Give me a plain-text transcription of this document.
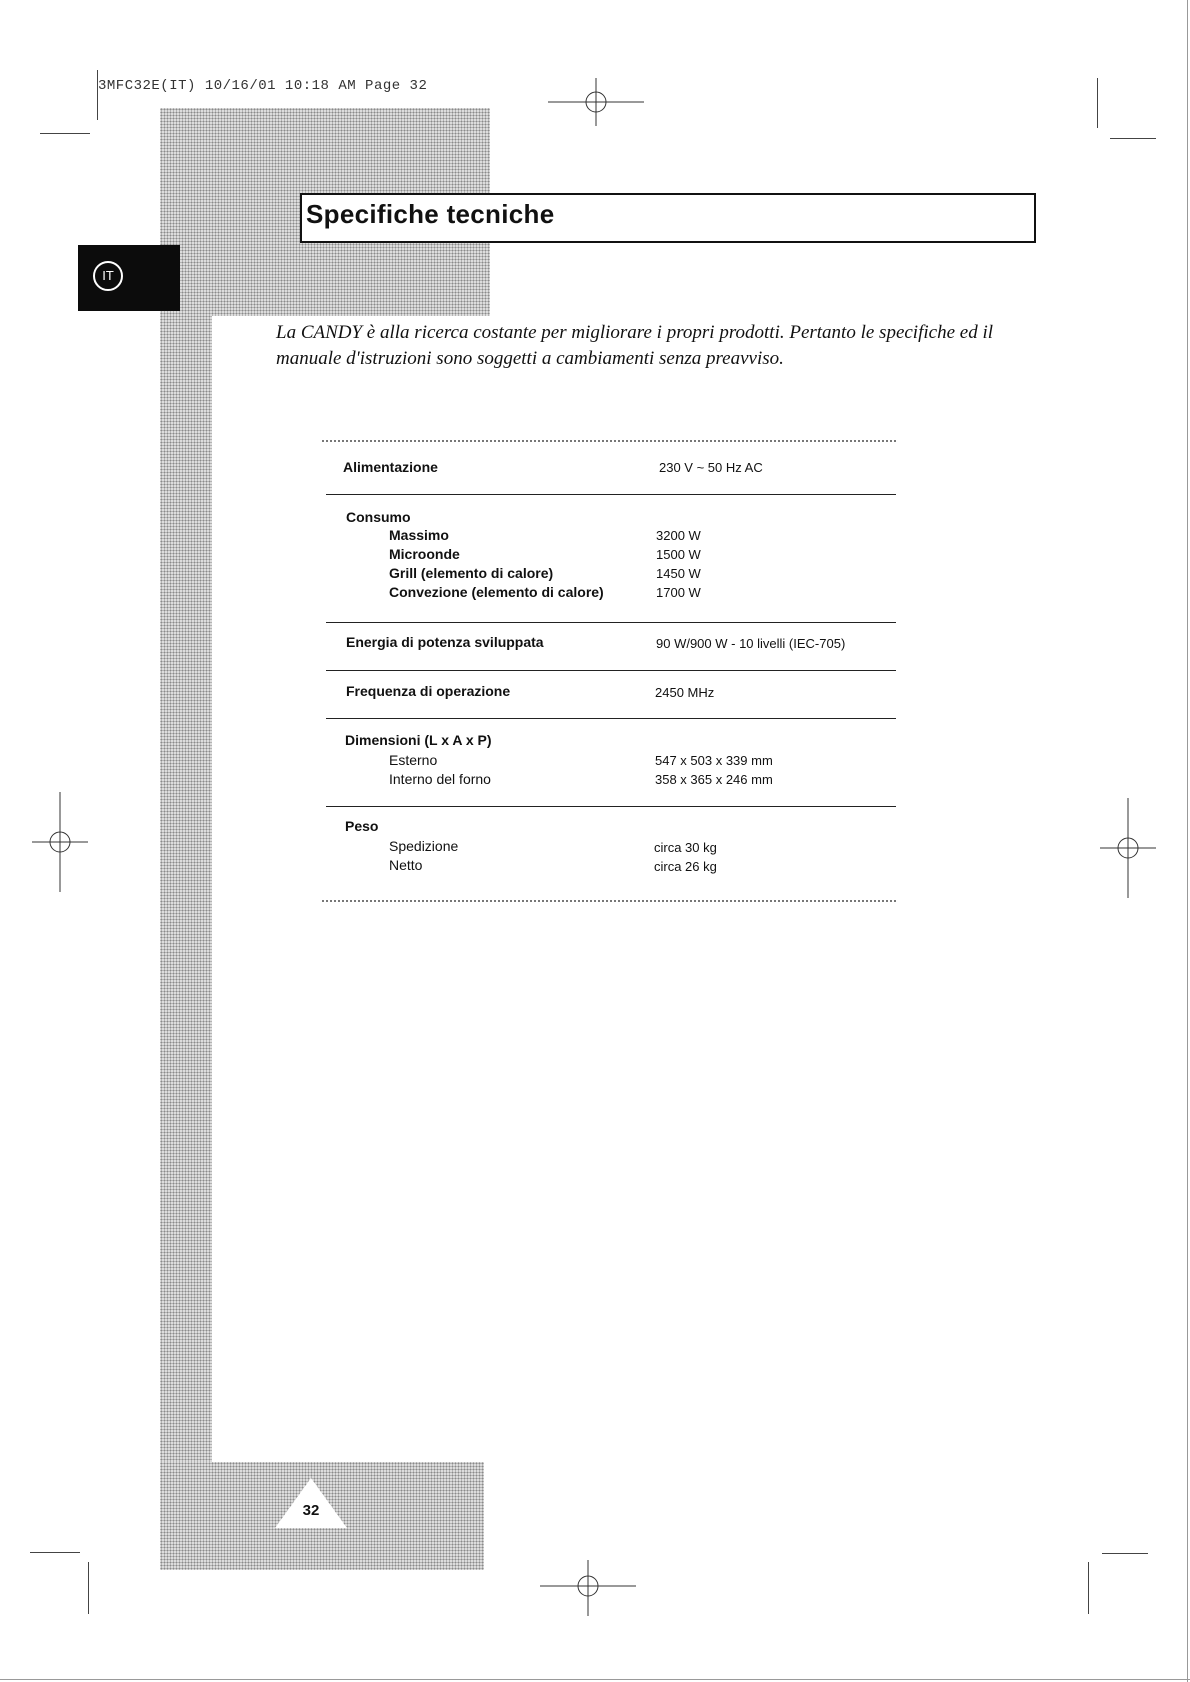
3MFC32E(IT) 10/16/01 10:18 AM Page 32
IT
Specifiche tecniche
La CANDY è alla ricerca costante per migliorare i propri prodotti. Pertanto le specifiche ed il manuale d'istruzioni sono soggetti a cambiamenti senza preavviso.
Alimentazione	230 V ~ 50 Hz AC
Consumo
Massimo	3200 W
Microonde	1500 W
Grill (elemento di calore)	1450 W
Convezione (elemento di calore)	1700 W
Energia di potenza sviluppata	90 W/900 W - 10 livelli (IEC-705)
Frequenza di operazione	2450 MHz
Dimensioni (L x A x P)
Esterno	547 x 503 x 339 mm
Interno del forno	358 x 365 x 246 mm
Peso
Spedizione	circa 30 kg
Netto	circa 26 kg
32
